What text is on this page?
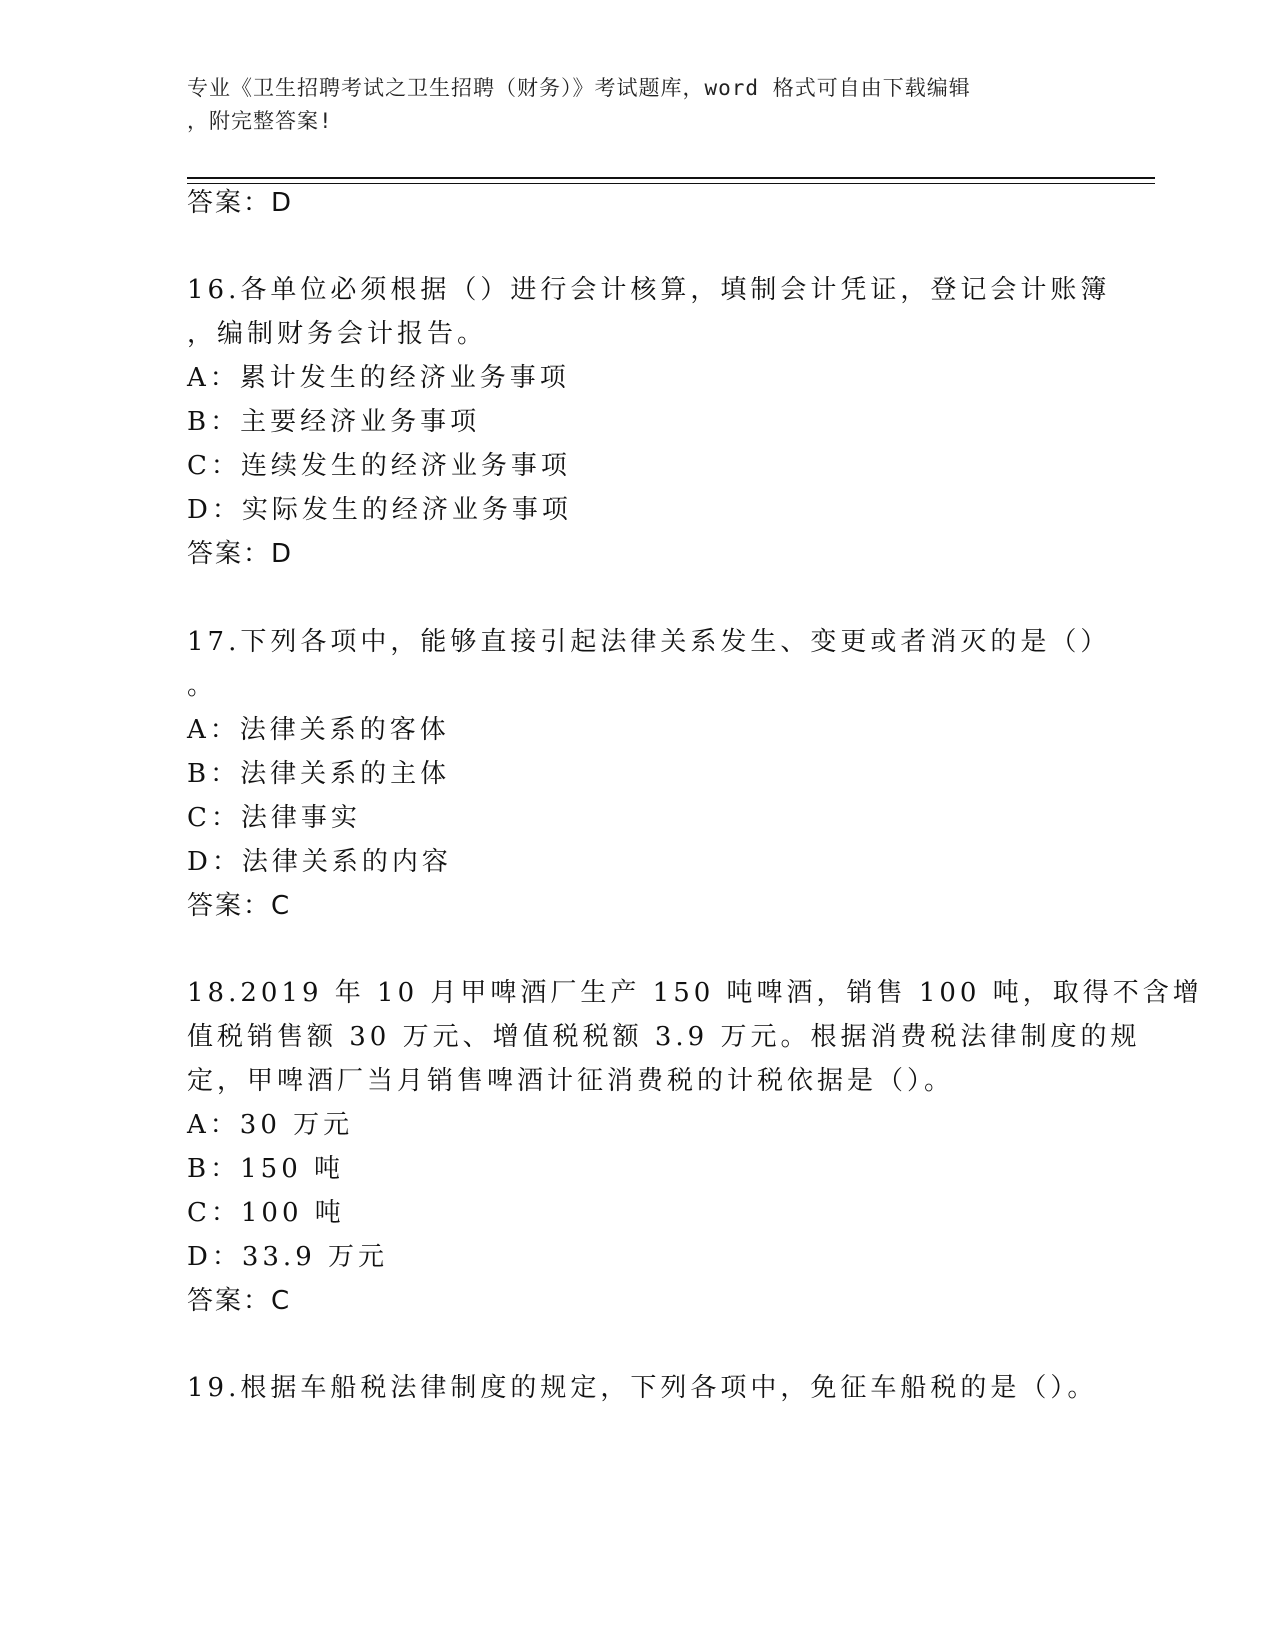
专业《卫生招聘考试之卫生招聘（财务）》考试题库，word 格式可自由下载编辑
，附完整答案!
答案：D
16.各单位必须根据（）进行会计核算，填制会计凭证，登记会计账簿
，编制财务会计报告。
A：累计发生的经济业务事项
B：主要经济业务事项
C：连续发生的经济业务事项
D：实际发生的经济业务事项
答案：D
17.下列各项中，能够直接引起法律关系发生、变更或者消灭的是（）
。
A：法律关系的客体
B：法律关系的主体
C：法律事实
D：法律关系的内容
答案：C
18.2019 年 10 月甲啤酒厂生产 150 吨啤酒，销售 100 吨，取得不含增
值税销售额 30 万元、增值税税额 3.9 万元。根据消费税法律制度的规
定，甲啤酒厂当月销售啤酒计征消费税的计税依据是（）。
A：30 万元
B：150 吨
C：100 吨
D：33.9 万元
答案：C
19.根据车船税法律制度的规定，下列各项中，免征车船税的是（）。
